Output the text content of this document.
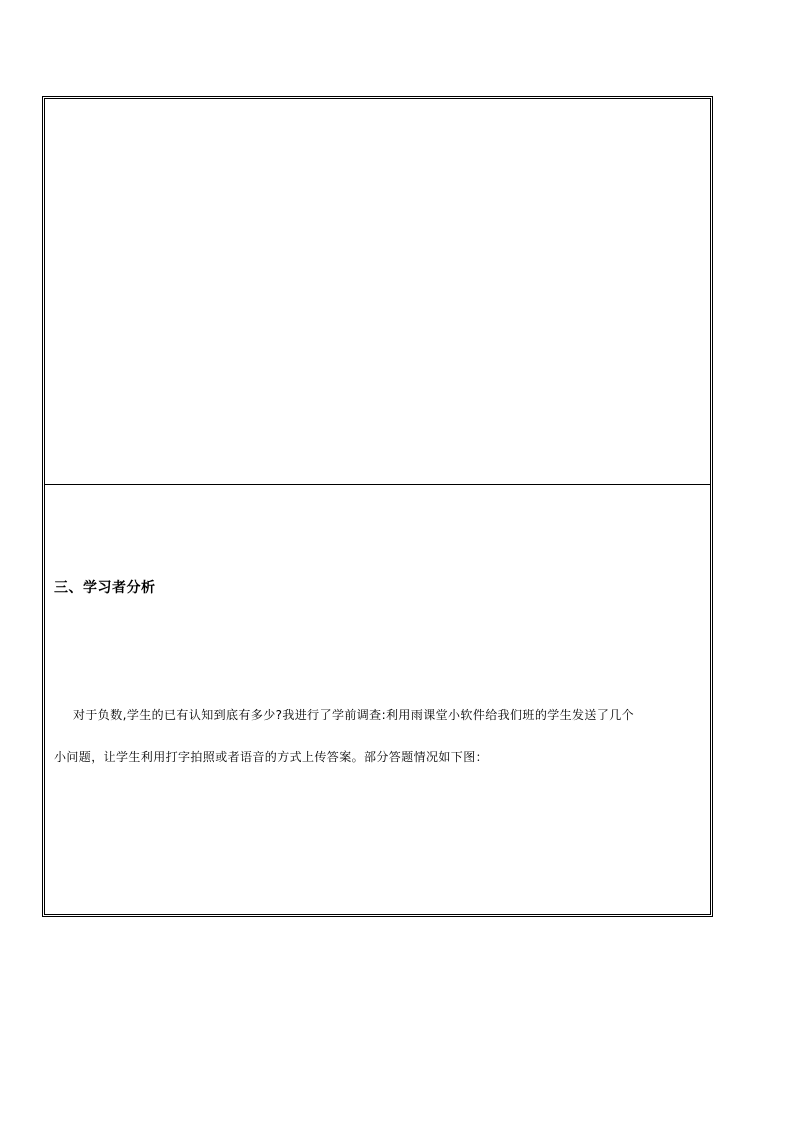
三、学习者分析
对于负数,学生的已有认知到底有多少?我进行了学前调查:利用雨课堂小软件给我们班的学生发送了几个
小问题，让学生利用打字拍照或者语音的方式上传答案。部分答题情况如下图：
